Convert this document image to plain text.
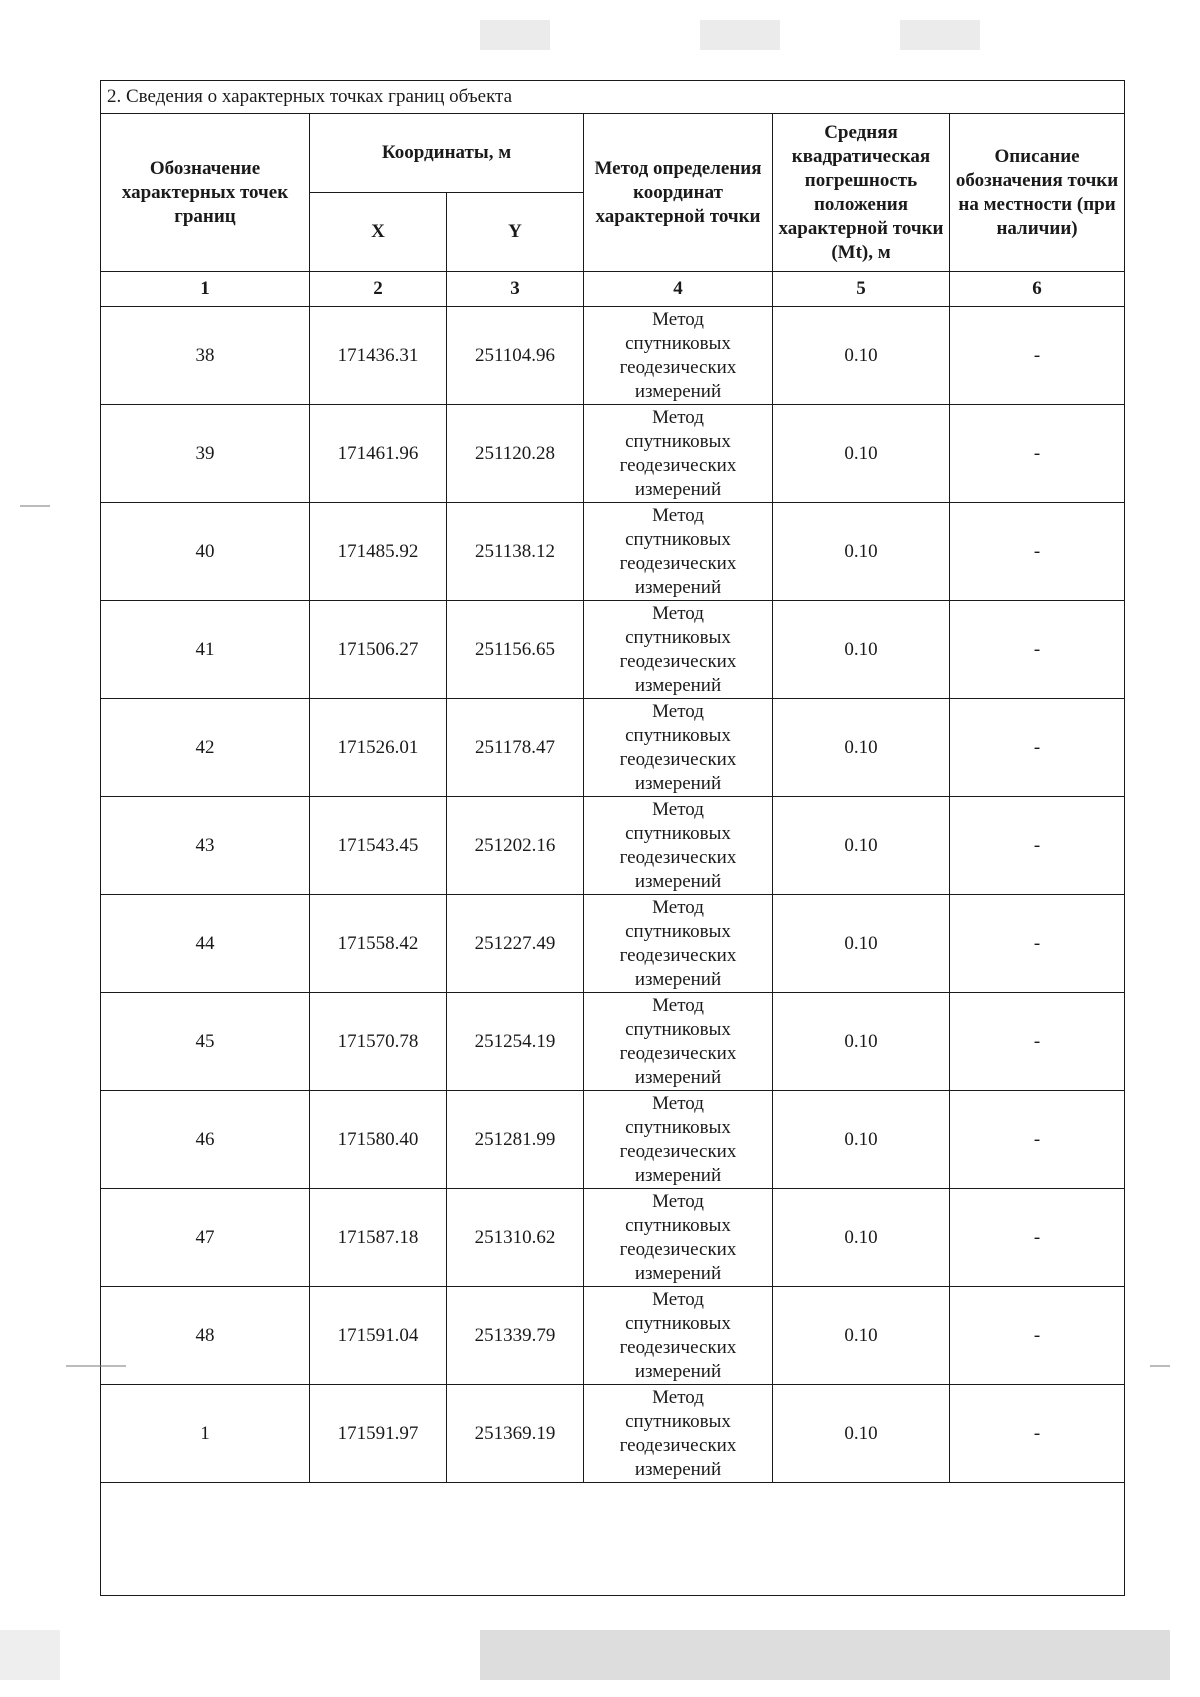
2. Сведения о характерных точках границ объекта					
Обозначение характерных точек границ	Координаты, м		Метод определения координат характерной точки	Средняя квадратическая погрешность положения характерной точки (Mt), м	Описание обозначения точки на местности (при наличии)
	X	Y			
1	2	3	4	5	6
38	171436.31	251104.96	Метод
спутниковых
геодезических
измерений	0.10	-
39	171461.96	251120.28	Метод
спутниковых
геодезических
измерений	0.10	-
40	171485.92	251138.12	Метод
спутниковых
геодезических
измерений	0.10	-
41	171506.27	251156.65	Метод
спутниковых
геодезических
измерений	0.10	-
42	171526.01	251178.47	Метод
спутниковых
геодезических
измерений	0.10	-
43	171543.45	251202.16	Метод
спутниковых
геодезических
измерений	0.10	-
44	171558.42	251227.49	Метод
спутниковых
геодезических
измерений	0.10	-
45	171570.78	251254.19	Метод
спутниковых
геодезических
измерений	0.10	-
46	171580.40	251281.99	Метод
спутниковых
геодезических
измерений	0.10	-
47	171587.18	251310.62	Метод
спутниковых
геодезических
измерений	0.10	-
48	171591.04	251339.79	Метод
спутниковых
геодезических
измерений	0.10	-
1	171591.97	251369.19	Метод
спутниковых
геодезических
измерений	0.10	-
